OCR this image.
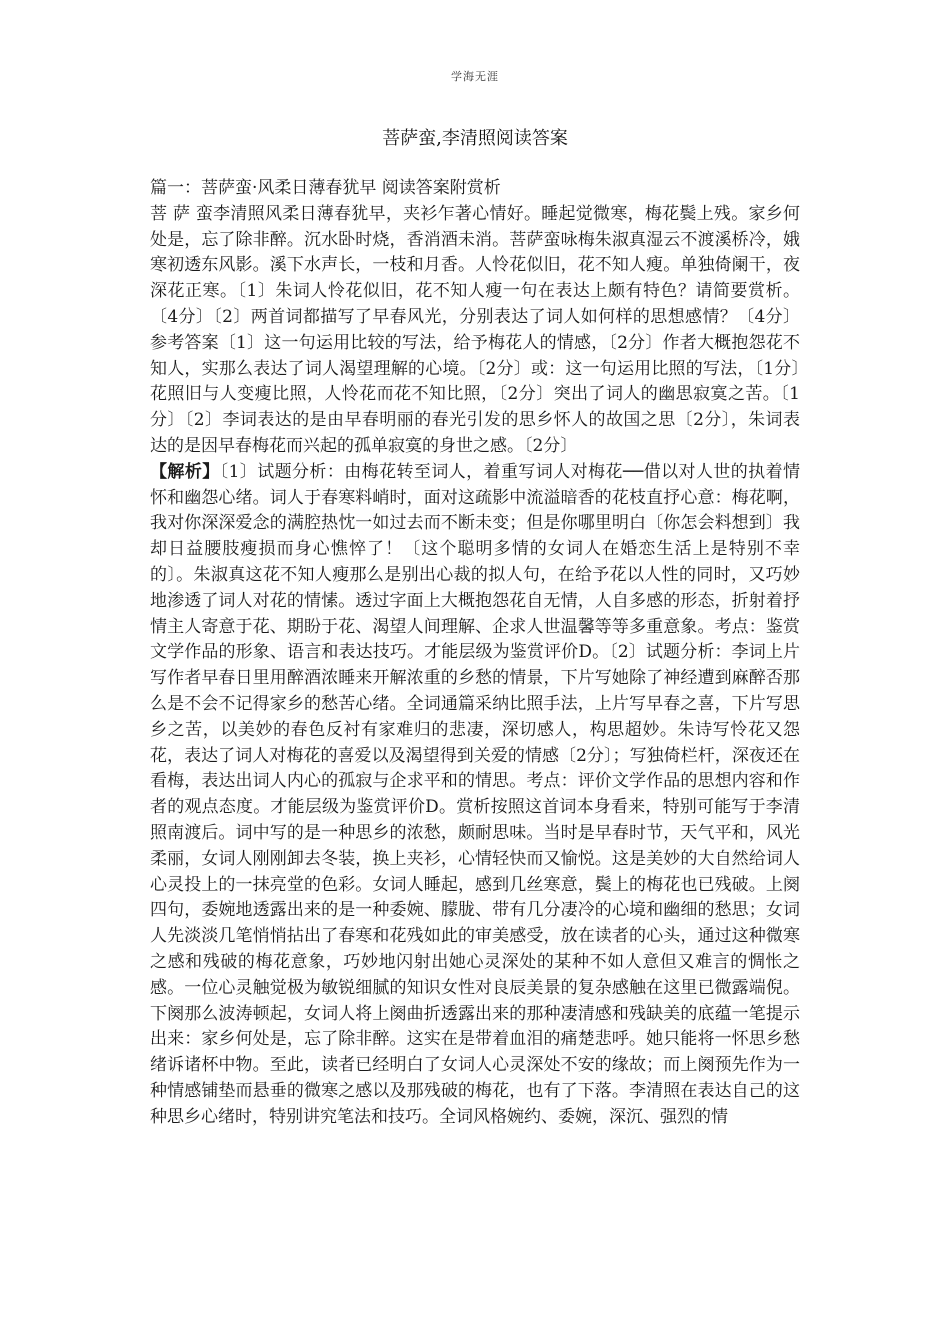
学海无涯
菩萨蛮,李清照阅读答案

篇一：菩萨蛮·风柔日薄春犹早 阅读答案附赏析

菩 萨 蛮李清照风柔日薄春犹早，夹衫乍著心情好。睡起觉微寒，梅花鬓上残。家乡何处是，忘了除非醉。沉水卧时烧，香消酒未消。菩萨蛮咏梅朱淑真湿云不渡溪桥冷，娥寒初透东风影。溪下水声长，一枝和月香。人怜花似旧，花不知人瘦。单独倚阑干，夜深花正寒。〔1〕朱词人怜花似旧，花不知人瘦一句在表达上颇有特色？请简要赏析。〔4分〕〔2〕两首词都描写了早春风光，分别表达了词人如何样的思想感情？〔4分〕参考答案〔1〕这一句运用比较的写法，给予梅花人的情感，〔2分〕作者大概抱怨花不知人，实那么表达了词人渴望理解的心境。〔2分〕或：这一句运用比照的写法，〔1分〕花照旧与人变瘦比照，人怜花而花不知比照，〔2分〕突出了词人的幽思寂寞之苦。〔1分〕〔2〕李词表达的是由早春明丽的春光引发的思乡怀人的故国之思〔2分〕，朱词表达的是因早春梅花而兴起的孤单寂寞的身世之感。〔2分〕

【解析】〔1〕试题分析：由梅花转至词人，着重写词人对梅花──借以对人世的执着情怀和幽怨心绪。词人于春寒料峭时，面对这疏影中流溢暗香的花枝直抒心意：梅花啊，我对你深深爱念的满腔热忱一如过去而不断未变；但是你哪里明白〔你怎会料想到〕我却日益腰肢瘦损而身心憔悴了！〔这个聪明多情的女词人在婚恋生活上是特别不幸的〕。朱淑真这花不知人瘦那么是别出心裁的拟人句，在给予花以人性的同时，又巧妙地渗透了词人对花的情愫。透过字面上大概抱怨花自无情，人自多感的形态，折射着抒情主人寄意于花、期盼于花、渴望人间理解、企求人世温馨等等多重意象。考点：鉴赏文学作品的形象、语言和表达技巧。才能层级为鉴赏评价D。〔2〕试题分析：李词上片写作者早春日里用醉酒浓睡来开解浓重的乡愁的情景，下片写她除了神经遭到麻醉否那么是不会不记得家乡的愁苦心绪。全词通篇采纳比照手法，上片写早春之喜，下片写思乡之苦，以美妙的春色反衬有家难归的悲凄，深切感人，构思超妙。朱诗写怜花又怨花，表达了词人对梅花的喜爱以及渴望得到关爱的情感〔2分〕；写独倚栏杆，深夜还在看梅，表达出词人内心的孤寂与企求平和的情思。考点：评价文学作品的思想内容和作者的观点态度。才能层级为鉴赏评价D。赏析按照这首词本身看来，特别可能写于李清照南渡后。词中写的是一种思乡的浓愁，颇耐思味。当时是早春时节，天气平和，风光柔丽，女词人刚刚卸去冬装，换上夹衫，心情轻快而又愉悦。这是美妙的大自然给词人心灵投上的一抹亮堂的色彩。女词人睡起，感到几丝寒意，鬓上的梅花也已残破。上阕四句，委婉地透露出来的是一种委婉、朦胧、带有几分凄冷的心境和幽细的愁思；女词人先淡淡几笔悄悄拈出了春寒和花残如此的审美感受，放在读者的心头，通过这种微寒之感和残破的梅花意象，巧妙地闪射出她心灵深处的某种不如人意但又难言的惆怅之感。一位心灵触觉极为敏锐细腻的知识女性对良辰美景的复杂感触在这里已微露端倪。下阕那么波涛顿起，女词人将上阕曲折透露出来的那种凄清感和残缺美的底蕴一笔提示出来：家乡何处是，忘了除非醉。这实在是带着血泪的痛楚悲呼。她只能将一怀思乡愁绪诉诸杯中物。至此，读者已经明白了女词人心灵深处不安的缘故；而上阕预先作为一种情感铺垫而悬垂的微寒之感以及那残破的梅花，也有了下落。李清照在表达自己的这种思乡心绪时，特别讲究笔法和技巧。全词风格婉约、委婉，深沉、强烈的情
